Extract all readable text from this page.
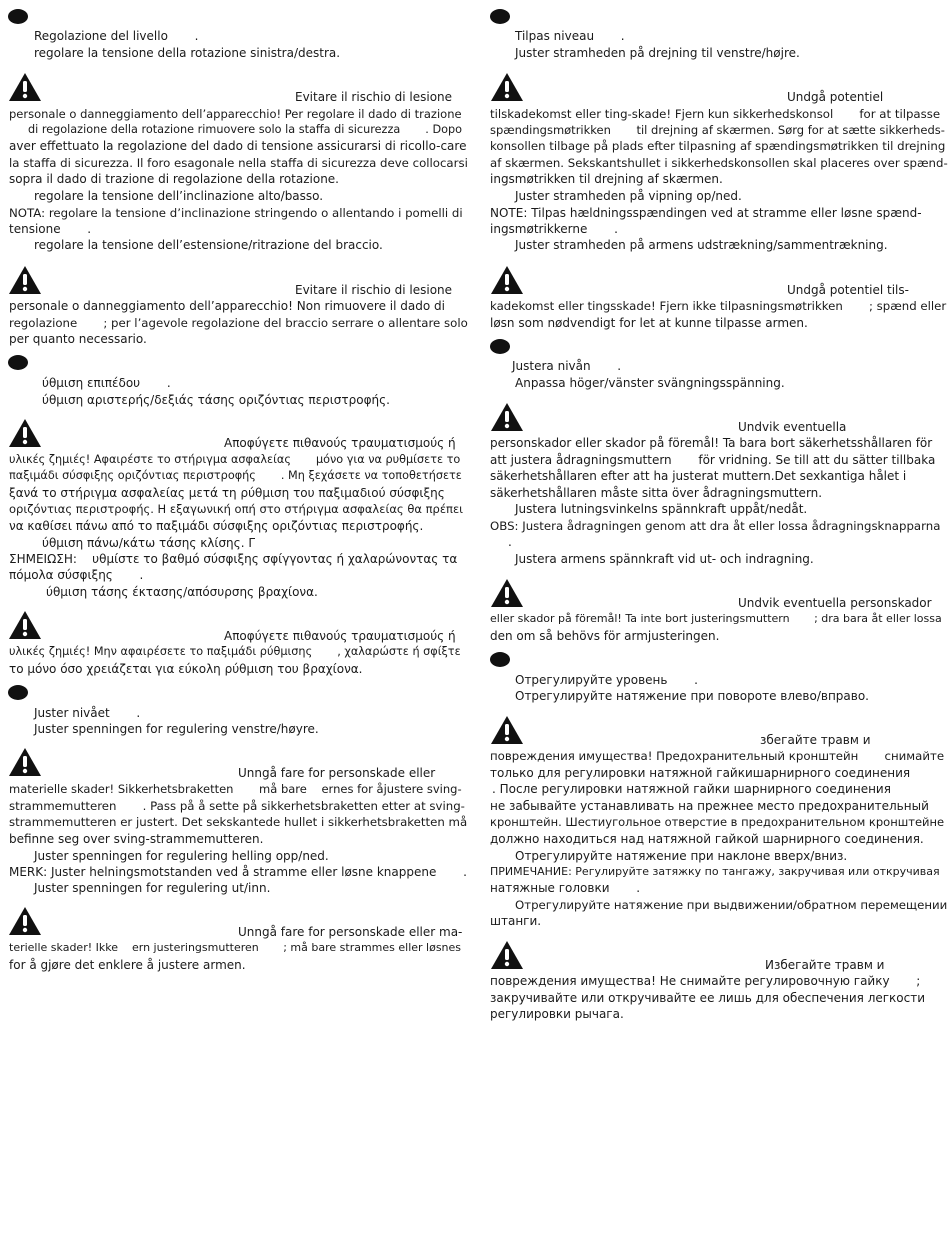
Regolazione del livello       .
regolare la tensione della rotazione sinistra/destra.
Evitare il rischio di lesione
personale o danneggiamento dell’apparecchio! Per regolare il dado di trazione
di regolazione della rotazione rimuovere solo la staffa di sicurezza       . Dopo
aver effettuato la regolazione del dado di tensione assicurarsi di ricollo-care
la staffa di sicurezza. Il foro esagonale nella staffa di sicurezza deve collocarsi
sopra il dado di trazione di regolazione della rotazione.
regolare la tensione dell’inclinazione alto/basso.
NOTA: regolare la tensione d’inclinazione stringendo o allentando i pomelli di
tensione       .
regolare la tensione dell’estensione/ritrazione del braccio.
Evitare il rischio di lesione
personale o danneggiamento dell’apparecchio! Non rimuovere il dado di
regolazione       ; per l’agevole regolazione del braccio serrare o allentare solo
per quanto necessario.
ύθμιση επιπέδου       .
ύθμιση αριστερής/δεξιάς τάσης οριζόντιας περιστροφής.
Αποφύγετε πιθανούς τραυματισμούς ή
υλικές ζημιές! Αφαιρέστε το στήριγμα ασφαλείας       μόνο για να ρυθμίσετε το
παξιμάδι σύσφιξης οριζόντιας περιστροφής       . Μη ξεχάσετε να τοποθετήσετε
ξανά το στήριγμα ασφαλείας μετά τη ρύθμιση του παξιμαδιού σύσφιξης
οριζόντιας περιστροφής. Η εξαγωνική οπή στο στήριγμα ασφαλείας θα πρέπει
να καθίσει πάνω από το παξιμάδι σύσφιξης οριζόντιας περιστροφής.
ύθμιση πάνω/κάτω τάσης κλίσης. Γ
ΣΗΜΕΙΩΣΗ:    υθμίστε το βαθμό σύσφιξης σφίγγοντας ή χαλαρώνοντας τα
πόμολα σύσφιξης       .
ύθμιση τάσης έκτασης/απόσυρσης βραχίονα.
Αποφύγετε πιθανούς τραυματισμούς ή
υλικές ζημιές! Μην αφαιρέσετε το παξιμάδι ρύθμισης       , χαλαρώστε ή σφίξτε
το μόνο όσο χρειάζεται για εύκολη ρύθμιση του βραχίονα.
Juster nivået       .
Juster spenningen for regulering venstre/høyre.
Unngå fare for personskade eller
materielle skader! Sikkerhetsbraketten       må bare    ernes for åjustere sving-
strammemutteren       . Pass på å sette på sikkerhetsbraketten etter at sving-
strammemutteren er justert. Det sekskantede hullet i sikkerhetsbraketten må
befinne seg over sving-strammemutteren.
Juster spenningen for regulering helling opp/ned.
MERK: Juster helningsmotstanden ved å stramme eller løsne knappene       .
Juster spenningen for regulering ut/inn.
Unngå fare for personskade eller ma-
terielle skader! Ikke    ern justeringsmutteren       ; må bare strammes eller løsnes
for å gjøre det enklere å justere armen.
Tilpas niveau       .
Juster stramheden på drejning til venstre/højre.
Undgå potentiel
tilskadekomst eller ting-skade! Fjern kun sikkerhedskonsol       for at tilpasse
spændingsmøtrikken       til drejning af skærmen. Sørg for at sætte sikkerheds-
konsollen tilbage på plads efter tilpasning af spændingsmøtrikken til drejning
af skærmen. Sekskantshullet i sikkerhedskonsollen skal placeres over spænd-
ingsmøtrikken til drejning af skærmen.
Juster stramheden på vipning op/ned.
NOTE: Tilpas hældningsspændingen ved at stramme eller løsne spænd-
ingsmøtrikkerne       .
Juster stramheden på armens udstrækning/sammentrækning.
Undgå potentiel tils-
kadekomst eller tingsskade! Fjern ikke tilpasningsmøtrikken       ; spænd eller
løsn som nødvendigt for let at kunne tilpasse armen.
Justera nivån       .
Anpassa höger/vänster svängningsspänning.
Undvik eventuella
personskador eller skador på föremål! Ta bara bort säkerhetsshållaren för
att justera ådragningsmuttern       för vridning. Se till att du sätter tillbaka
säkerhetshållaren efter att ha justerat muttern.Det sexkantiga hålet i
säkerhetshållaren måste sitta över ådragningsmuttern.
Justera lutningsvinkelns spännkraft uppåt/nedåt.
OBS: Justera ådragningen genom att dra åt eller lossa ådragningsknapparna
.
Justera armens spännkraft vid ut- och indragning.
Undvik eventuella personskador
eller skador på föremål! Ta inte bort justeringsmuttern       ; dra bara åt eller lossa
den om så behövs för armjusteringen.
Отрегулируйте уровень       .
Отрегулируйте натяжение при повороте влево/вправо.
збегайте травм и
повреждения имущества! Предохранительный кронштейн       снимайте
только для регулировки натяжной гайкишарнирного соединения
. После регулировки натяжной гайки шарнирного соединения
не забывайте устанавливать на прежнее место предохранительный
кронштейн. Шестиугольное отверстие в предохранительном кронштейне
должно находиться над натяжной гайкой шарнирного соединения.
Отрегулируйте натяжение при наклоне вверх/вниз.
ПРИМЕЧАНИЕ: Регулируйте затяжку по тангажу, закручивая или откручивая
натяжные головки       .
Отрегулируйте натяжение при выдвижении/обратном перемещении
штанги.
Избегайте травм и
повреждения имущества! Не снимайте регулировочную гайку       ;
закручивайте или откручивайте ее лишь для обеспечения легкости
регулировки рычага.
